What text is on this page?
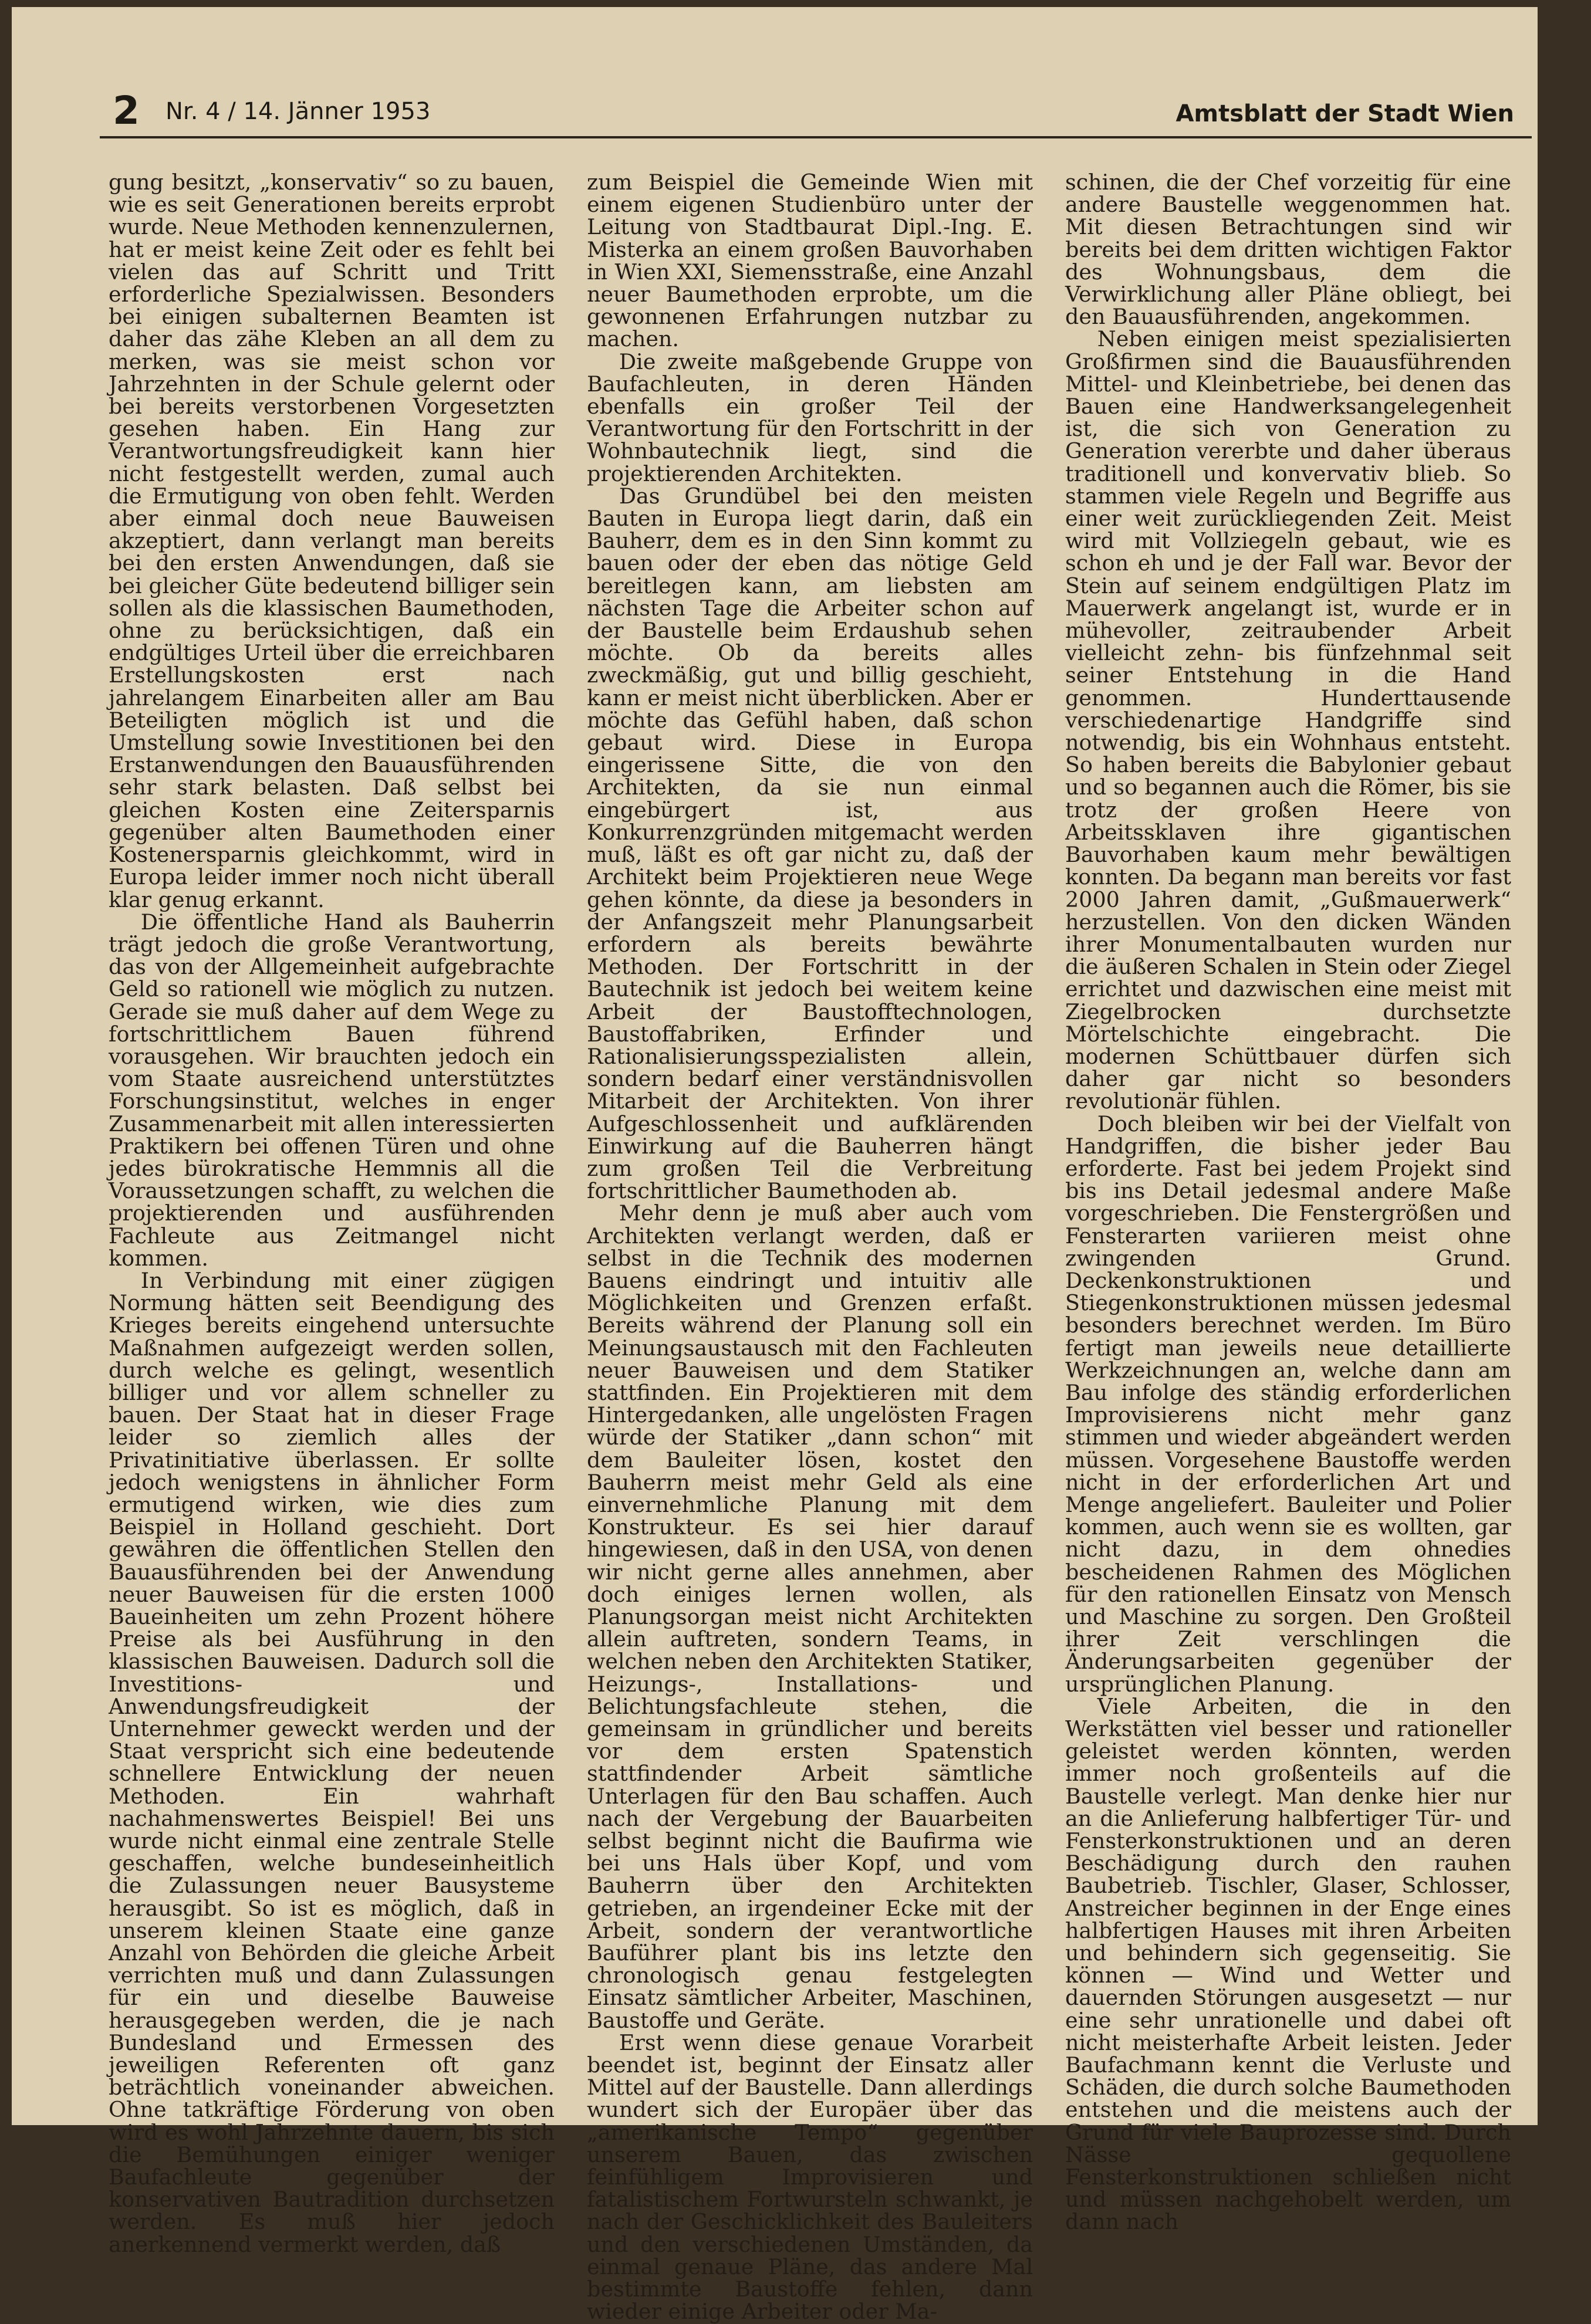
2 Nr. 4 / 14. Jänner 1953	Amtsblatt der Stadt Wien

gung besitzt, „konservativ“ so zu bauen, wie es seit Generationen bereits erprobt wurde. Neue Methoden kennenzulernen, hat er meist keine Zeit oder es fehlt bei vielen das auf Schritt und Tritt erforderliche Spezialwissen. Besonders bei einigen subalternen Beamten ist daher das zähe Kleben an all dem zu merken, was sie meist schon vor Jahrzehnten in der Schule gelernt oder bei bereits verstorbenen Vorgesetzten gesehen haben. Ein Hang zur Verantwortungsfreudigkeit kann hier nicht festgestellt werden, zumal auch die Ermutigung von oben fehlt. Werden aber einmal doch neue Bauweisen akzeptiert, dann verlangt man bereits bei den ersten Anwendungen, daß sie bei gleicher Güte bedeutend billiger sein sollen als die klassischen Baumethoden, ohne zu berücksichtigen, daß ein endgültiges Urteil über die erreichbaren Erstellungskosten erst nach jahrelangem Einarbeiten aller am Bau Beteiligten möglich ist und die Umstellung sowie Investitionen bei den Erstanwendungen den Bauausführenden sehr stark belasten. Daß selbst bei gleichen Kosten eine Zeitersparnis gegenüber alten Baumethoden einer Kostenersparnis gleichkommt, wird in Europa leider immer noch nicht überall klar genug erkannt.

Die öffentliche Hand als Bauherrin trägt jedoch die große Verantwortung, das von der Allgemeinheit aufgebrachte Geld so rationell wie möglich zu nutzen. Gerade sie muß daher auf dem Wege zu fortschrittlichem Bauen führend vorausgehen. Wir brauchten jedoch ein vom Staate ausreichend unterstütztes Forschungsinstitut, welches in enger Zusammenarbeit mit allen interessierten Praktikern bei offenen Türen und ohne jedes bürokratische Hemmnis all die Voraussetzungen schafft, zu welchen die projektierenden und ausführenden Fachleute aus Zeitmangel nicht kommen.

In Verbindung mit einer zügigen Normung hätten seit Beendigung des Krieges bereits eingehend untersuchte Maßnahmen aufgezeigt werden sollen, durch welche es gelingt, wesentlich billiger und vor allem schneller zu bauen. Der Staat hat in dieser Frage leider so ziemlich alles der Privatinitiative überlassen. Er sollte jedoch wenigstens in ähnlicher Form ermutigend wirken, wie dies zum Beispiel in Holland geschieht. Dort gewähren die öffentlichen Stellen den Bauausführenden bei der Anwendung neuer Bauweisen für die ersten 1000 Baueinheiten um zehn Prozent höhere Preise als bei Ausführung in den klassischen Bauweisen. Dadurch soll die Investitions- und Anwendungsfreudigkeit der Unternehmer geweckt werden und der Staat verspricht sich eine bedeutende schnellere Entwicklung der neuen Methoden. Ein wahrhaft nachahmenswertes Beispiel! Bei uns wurde nicht einmal eine zentrale Stelle geschaffen, welche bundeseinheitlich die Zulassungen neuer Bausysteme herausgibt. So ist es möglich, daß in unserem kleinen Staate eine ganze Anzahl von Behörden die gleiche Arbeit verrichten muß und dann Zulassungen für ein und dieselbe Bauweise herausgegeben werden, die je nach Bundesland und Ermessen des jeweiligen Referenten oft ganz beträchtlich voneinander abweichen. Ohne tatkräftige Förderung von oben wird es wohl Jahrzehnte dauern, bis sich die Bemühungen einiger weniger Baufachleute gegenüber der konservativen Bautradition durchsetzen werden. Es muß hier jedoch anerkennend vermerkt werden, daß

zum Beispiel die Gemeinde Wien mit einem eigenen Studienbüro unter der Leitung von Stadtbaurat Dipl.-Ing. E. Misterka an einem großen Bauvorhaben in Wien XXI, Siemensstraße, eine Anzahl neuer Baumethoden erprobte, um die gewonnenen Erfahrungen nutzbar zu machen.

Die zweite maßgebende Gruppe von Baufachleuten, in deren Händen ebenfalls ein großer Teil der Verantwortung für den Fortschritt in der Wohnbautechnik liegt, sind die projektierenden Architekten.

Das Grundübel bei den meisten Bauten in Europa liegt darin, daß ein Bauherr, dem es in den Sinn kommt zu bauen oder der eben das nötige Geld bereitlegen kann, am liebsten am nächsten Tage die Arbeiter schon auf der Baustelle beim Erdaushub sehen möchte. Ob da bereits alles zweckmäßig, gut und billig geschieht, kann er meist nicht überblicken. Aber er möchte das Gefühl haben, daß schon gebaut wird. Diese in Europa eingerissene Sitte, die von den Architekten, da sie nun einmal eingebürgert ist, aus Konkurrenzgründen mitgemacht werden muß, läßt es oft gar nicht zu, daß der Architekt beim Projektieren neue Wege gehen könnte, da diese ja besonders in der Anfangszeit mehr Planungsarbeit erfordern als bereits bewährte Methoden. Der Fortschritt in der Bautechnik ist jedoch bei weitem keine Arbeit der Baustofftechnologen, Baustoffabriken, Erfinder und Rationalisierungsspezialisten allein, sondern bedarf einer verständnisvollen Mitarbeit der Architekten. Von ihrer Aufgeschlossenheit und aufklärenden Einwirkung auf die Bauherren hängt zum großen Teil die Verbreitung fortschrittlicher Baumethoden ab.

Mehr denn je muß aber auch vom Architekten verlangt werden, daß er selbst in die Technik des modernen Bauens eindringt und intuitiv alle Möglichkeiten und Grenzen erfaßt. Bereits während der Planung soll ein Meinungsaustausch mit den Fachleuten neuer Bauweisen und dem Statiker stattfinden. Ein Projektieren mit dem Hintergedanken, alle ungelösten Fragen würde der Statiker „dann schon“ mit dem Bauleiter lösen, kostet den Bauherrn meist mehr Geld als eine einvernehmliche Planung mit dem Konstrukteur. Es sei hier darauf hingewiesen, daß in den USA, von denen wir nicht gerne alles annehmen, aber doch einiges lernen wollen, als Planungsorgan meist nicht Architekten allein auftreten, sondern Teams, in welchen neben den Architekten Statiker, Heizungs-, Installations- und Belichtungsfachleute stehen, die gemeinsam in gründlicher und bereits vor dem ersten Spatenstich stattfindender Arbeit sämtliche Unterlagen für den Bau schaffen. Auch nach der Vergebung der Bauarbeiten selbst beginnt nicht die Baufirma wie bei uns Hals über Kopf, und vom Bauherrn über den Architekten getrieben, an irgendeiner Ecke mit der Arbeit, sondern der verantwortliche Bauführer plant bis ins letzte den chronologisch genau festgelegten Einsatz sämtlicher Arbeiter, Maschinen, Baustoffe und Geräte.

Erst wenn diese genaue Vorarbeit beendet ist, beginnt der Einsatz aller Mittel auf der Baustelle. Dann allerdings wundert sich der Europäer über das „amerikanische Tempo“ gegenüber unserem Bauen, das zwischen feinfühligem Improvisieren und fatalistischem Fortwursteln schwankt, je nach der Geschicklichkeit des Bauleiters und den verschiedenen Umständen, da einmal genaue Pläne, das andere Mal bestimmte Baustoffe fehlen, dann wieder einige Arbeiter oder Ma-

schinen, die der Chef vorzeitig für eine andere Baustelle weggenommen hat. Mit diesen Betrachtungen sind wir bereits bei dem dritten wichtigen Faktor des Wohnungsbaus, dem die Verwirklichung aller Pläne obliegt, bei den Bauausführenden, angekommen.

Neben einigen meist spezialisierten Großfirmen sind die Bauausführenden Mittel- und Kleinbetriebe, bei denen das Bauen eine Handwerksangelegenheit ist, die sich von Generation zu Generation vererbte und daher überaus traditionell und konvervativ blieb. So stammen viele Regeln und Begriffe aus einer weit zurückliegenden Zeit. Meist wird mit Vollziegeln gebaut, wie es schon eh und je der Fall war. Bevor der Stein auf seinem endgültigen Platz im Mauerwerk angelangt ist, wurde er in mühevoller, zeitraubender Arbeit vielleicht zehn- bis fünfzehnmal seit seiner Entstehung in die Hand genommen. Hunderttausende verschiedenartige Handgriffe sind notwendig, bis ein Wohnhaus entsteht. So haben bereits die Babylonier gebaut und so begannen auch die Römer, bis sie trotz der großen Heere von Arbeitssklaven ihre gigantischen Bauvorhaben kaum mehr bewältigen konnten. Da begann man bereits vor fast 2000 Jahren damit, „Gußmauerwerk“ herzustellen. Von den dicken Wänden ihrer Monumentalbauten wurden nur die äußeren Schalen in Stein oder Ziegel errichtet und dazwischen eine meist mit Ziegelbrocken durchsetzte Mörtelschichte eingebracht. Die modernen Schüttbauer dürfen sich daher gar nicht so besonders revolutionär fühlen.

Doch bleiben wir bei der Vielfalt von Handgriffen, die bisher jeder Bau erforderte. Fast bei jedem Projekt sind bis ins Detail jedesmal andere Maße vorgeschrieben. Die Fenstergrößen und Fensterarten variieren meist ohne zwingenden Grund. Deckenkonstruktionen und Stiegenkonstruktionen müssen jedesmal besonders berechnet werden. Im Büro fertigt man jeweils neue detaillierte Werkzeichnungen an, welche dann am Bau infolge des ständig erforderlichen Improvisierens nicht mehr ganz stimmen und wieder abgeändert werden müssen. Vorgesehene Baustoffe werden nicht in der erforderlichen Art und Menge angeliefert. Bauleiter und Polier kommen, auch wenn sie es wollten, gar nicht dazu, in dem ohnedies bescheidenen Rahmen des Möglichen für den rationellen Einsatz von Mensch und Maschine zu sorgen. Den Großteil ihrer Zeit verschlingen die Änderungsarbeiten gegenüber der ursprünglichen Planung.

Viele Arbeiten, die in den Werkstätten viel besser und rationeller geleistet werden könnten, werden immer noch großenteils auf die Baustelle verlegt. Man denke hier nur an die Anlieferung halbfertiger Tür- und Fensterkonstruktionen und an deren Beschädigung durch den rauhen Baubetrieb. Tischler, Glaser, Schlosser, Anstreicher beginnen in der Enge eines halbfertigen Hauses mit ihren Arbeiten und behindern sich gegenseitig. Sie können — Wind und Wetter und dauernden Störungen ausgesetzt — nur eine sehr unrationelle und dabei oft nicht meisterhafte Arbeit leisten. Jeder Baufachmann kennt die Verluste und Schäden, die durch solche Baumethoden entstehen und die meistens auch der Grund für viele Bauprozesse sind. Durch Nässe gequollene Fensterkonstruktionen schließen nicht und müssen nachgehobelt werden, um dann nach
